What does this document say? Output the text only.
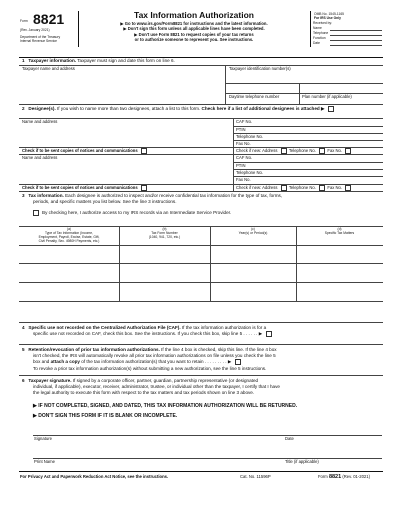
Form 8821
(Rev. January 2021)
Department of the Treasury
Internal Revenue Service
Tax Information Authorization
▶ Go to www.irs.gov/Form8821 for instructions and the latest information.
▶ Don't sign this form unless all applicable lines have been completed.
▶ Don't use Form 8821 to request copies of your tax returns
or to authorize someone to represent you. See instructions.
OMB No. 1545-1165
For IRS Use Only
Received by:
Name
Telephone
Function
Date
1 Taxpayer information. Taxpayer must sign and date this form on line 6.
Taxpayer name and address	Taxpayer identification number(s)
Daytime telephone number	Plan number (if applicable)
2 Designee(s). If you wish to name more than two designees, attach a list to this form. Check here if a list of additional designees is attached ▶
Name and address	CAF No.
PTIN
Telephone No.
Fax No.
Check if to be sent copies of notices and communications	Check if new: Address	Telephone No.	Fax No.
Name and address	CAF No.
PTIN
Telephone No.
Fax No.
Check if to be sent copies of notices and communications	Check if new: Address	Telephone No.	Fax No.
3 Tax information. Each designee is authorized to inspect and/or receive confidential tax information for the type of tax, forms,
periods, and specific matters you list below. See the line 3 instructions.
By checking here, I authorize access to my IRS records via an Intermediate Service Provider.
(a)
Type of Tax Information (Income,
Employment, Payroll, Excise, Estate, Gift,
Civil Penalty, Sec. 4980H Payments, etc.)
(b)
Tax Form Number
(1040, 941, 720, etc.)
(c)
Year(s) or Period(s)
(d)
Specific Tax Matters
4 Specific use not recorded on the Centralized Authorization File (CAF). If the tax information authorization is for a
specific use not recorded on CAF, check this box. See the instructions. If you check this box, skip line 5 . . . . . . ▶
5 Retention/revocation of prior tax information authorizations. If the line 4 box is checked, skip this line. If the line 4 box
isn't checked, the IRS will automatically revoke all prior tax information authorizations on file unless you check the line 5
box and attach a copy of the tax information authorization(s) that you want to retain . . . . . . . . . ▶
To revoke a prior tax information authorization(s) without submitting a new authorization, see the line 5 instructions.
6 Taxpayer signature. If signed by a corporate officer, partner, guardian, partnership representative (or designated
individual, if applicable), executor, receiver, administrator, trustee, or individual other than the taxpayer, I certify that I have
the legal authority to execute this form with respect to the tax matters and tax periods shown on line 3 above.
▶ IF NOT COMPLETED, SIGNED, AND DATED, THIS TAX INFORMATION AUTHORIZATION WILL BE RETURNED.
▶ DON'T SIGN THIS FORM IF IT IS BLANK OR INCOMPLETE.
Signature	Date
Print Name	Title (if applicable)
For Privacy Act and Paperwork Reduction Act Notice, see the instructions.	Cat. No. 11596P	Form 8821 (Rev. 01-2021)
